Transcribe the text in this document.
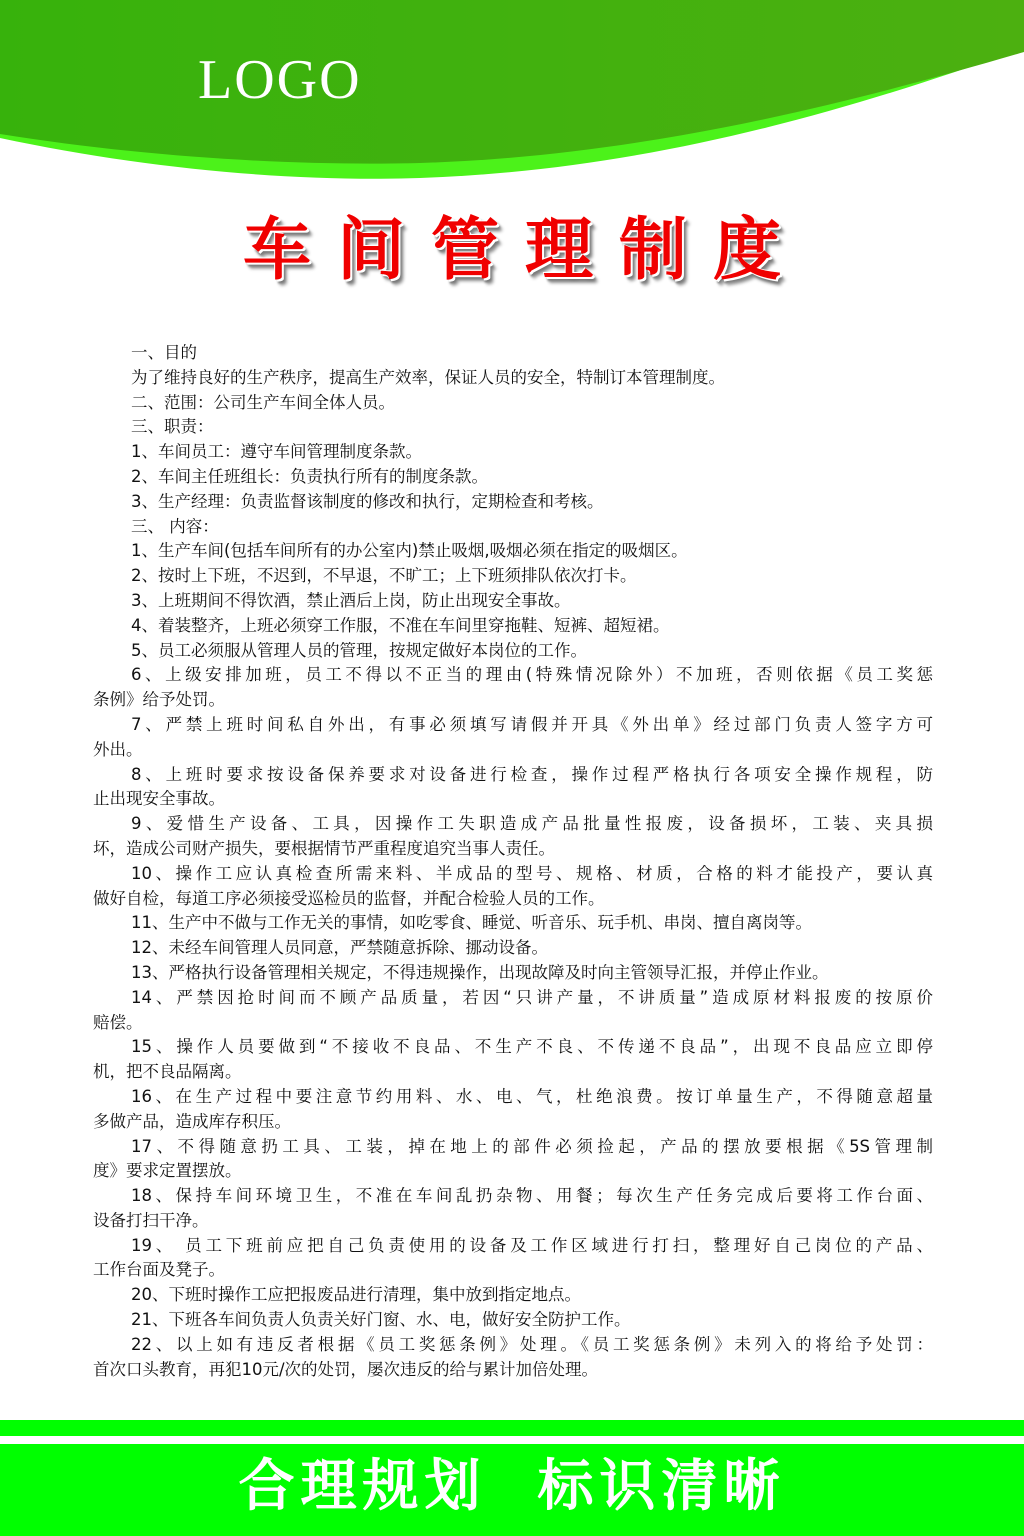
LOGO
车间管理制度
一、目的
为了维持良好的生产秩序，提高生产效率，保证人员的安全，特制订本管理制度。
二、范围：公司生产车间全体人员。
三、职责：
1、车间员工：遵守车间管理制度条款。
2、车间主任班组长：负责执行所有的制度条款。
3、生产经理：负责监督该制度的修改和执行，定期检查和考核。
三、 内容：
1、生产车间(包括车间所有的办公室内)禁止吸烟,吸烟必须在指定的吸烟区。
2、按时上下班，不迟到，不早退，不旷工；上下班须排队依次打卡。
3、上班期间不得饮酒，禁止酒后上岗，防止出现安全事故。
4、着装整齐，上班必须穿工作服，不准在车间里穿拖鞋、短裤、超短裙。
5、员工必须服从管理人员的管理，按规定做好本岗位的工作。
6、上级安排加班，员工不得以不正当的理由(特殊情况除外）不加班，否则依据《员工奖惩
条例》给予处罚。
7、严禁上班时间私自外出，有事必须填写请假并开具《外出单》经过部门负责人签字方可
外出。
8、上班时要求按设备保养要求对设备进行检查，操作过程严格执行各项安全操作规程，防
止出现安全事故。
9、爱惜生产设备、工具，因操作工失职造成产品批量性报废，设备损坏，工装、夹具损
坏，造成公司财产损失，要根据情节严重程度追究当事人责任。
10、操作工应认真检查所需来料、半成品的型号、规格、材质，合格的料才能投产，要认真
做好自检，每道工序必须接受巡检员的监督，并配合检验人员的工作。
11、生产中不做与工作无关的事情，如吃零食、睡觉、听音乐、玩手机、串岗、擅自离岗等。
12、未经车间管理人员同意，严禁随意拆除、挪动设备。
13、严格执行设备管理相关规定，不得违规操作，出现故障及时向主管领导汇报，并停止作业。
14、严禁因抢时间而不顾产品质量，若因“只讲产量，不讲质量”造成原材料报废的按原价
赔偿。
15、操作人员要做到“不接收不良品、不生产不良、不传递不良品”，出现不良品应立即停
机，把不良品隔离。
16、在生产过程中要注意节约用料、水、电、气，杜绝浪费。按订单量生产，不得随意超量
多做产品，造成库存积压。
17、不得随意扔工具、工装，掉在地上的部件必须捡起，产品的摆放要根据《5S管理制
度》要求定置摆放。
18、保持车间环境卫生，不准在车间乱扔杂物、用餐；每次生产任务完成后要将工作台面、
设备打扫干净。
19、 员工下班前应把自己负责使用的设备及工作区域进行打扫，整理好自己岗位的产品、
工作台面及凳子。
20、下班时操作工应把报废品进行清理，集中放到指定地点。
21、下班各车间负责人负责关好门窗、水、电，做好安全防护工作。
22、以上如有违反者根据《员工奖惩条例》处理。《员工奖惩条例》未列入的将给予处罚：
首次口头教育，再犯10元/次的处罚，屡次违反的给与累计加倍处理。
合理规划  标识清晰
